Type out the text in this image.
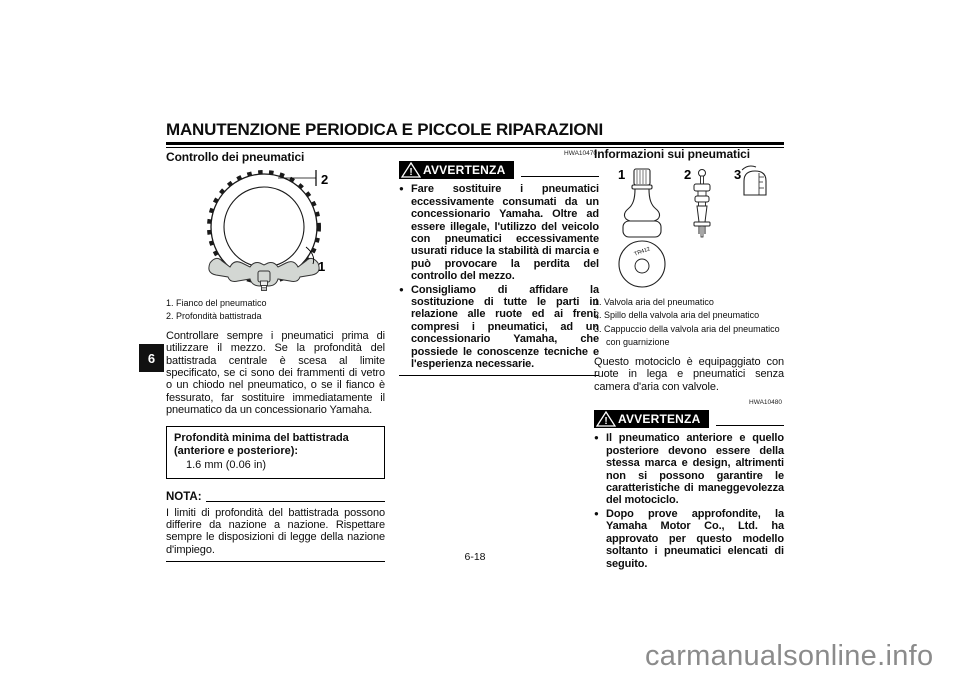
MANUTENZIONE PERIODICA E PICCOLE RIPARAZIONI
6

Controllo dei pneumatici

2
1
1. Fianco del pneumatico
2. Profondità battistrada

Controllare sempre i pneumatici prima di utilizzare il mezzo. Se la profondità del battistrada centrale è scesa al limite specificato, se ci sono dei frammenti di vetro o un chiodo nel pneumatico, o se il fianco è fessurato, far sostituire immediatamente il pneumatico da un concessionario Yamaha.

Profondità minima del battistrada
(anteriore e posteriore):
1.6 mm (0.06 in)
NOTA:

I limiti di profondità del battistrada possono differire da nazione a nazione. Rispettare sempre le disposizioni di legge della nazione d'impiego.

HWA10470
! AVVERTENZA
● Fare sostituire i pneumatici eccessivamente consumati da un concessionario Yamaha. Oltre ad essere illegale, l'utilizzo del veicolo con pneumatici eccessivamente usurati riduce la stabilità di marcia e può provocare la perdita del controllo del mezzo.

● Consigliamo di affidare la sostituzione di tutte le parti in relazione alle ruote ed ai freni, compresi i pneumatici, ad un concessionario Yamaha, che possiede le conoscenze tecniche e l'esperienza necessarie.

Informazioni sui pneumatici

1	2	3
TR412
1. Valvola aria del pneumatico
2. Spillo della valvola aria del pneumatico
3. Cappuccio della valvola aria del pneumatico con guarnizione

Questo motociclo è equipaggiato con ruote in lega e pneumatici senza camera d'aria con valvole.

HWA10480
! AVVERTENZA
● Il pneumatico anteriore e quello posteriore devono essere della stessa marca e design, altrimenti non si possono garantire le caratteristiche di maneggevolezza del motociclo.

● Dopo prove approfondite, la Yamaha Motor Co., Ltd. ha approvato per questo modello soltanto i pneumatici elencati di seguito.

6-18
carmanualsonline.info
